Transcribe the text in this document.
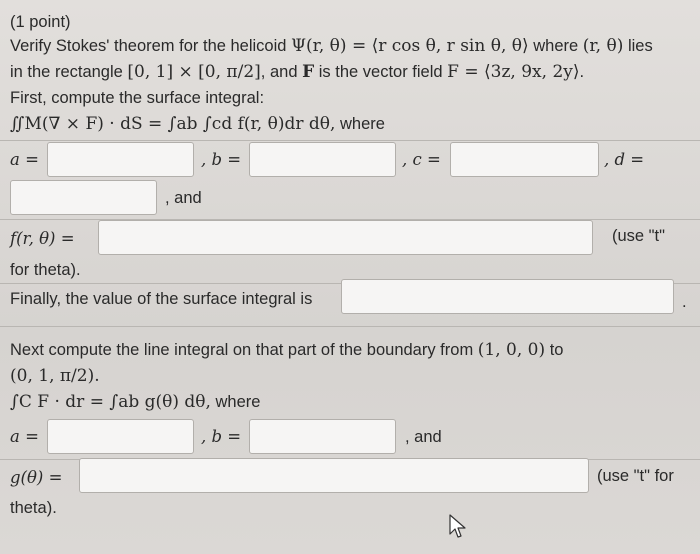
(1 point)
Verify Stokes' theorem for the helicoid Ψ(r, θ) = ⟨r cos θ, r sin θ, θ⟩ where (r, θ) lies
in the rectangle [0, 1] × [0, π/2], and F is the vector field F = ⟨3z, 9x, 2y⟩.
First, compute the surface integral:
∬M(∇ × F) · dS = ∫ab ∫cd f(r, θ)dr dθ, where
a =	, b =	, c =	, d =
, and
f(r, θ) =	(use "t"
for theta).
Finally, the value of the surface integral is	.
Next compute the line integral on that part of the boundary from (1, 0, 0) to
(0, 1, π/2).
∫C F · dr = ∫ab g(θ) dθ, where
a =	, b =	, and
g(θ) =	(use "t" for
theta).
